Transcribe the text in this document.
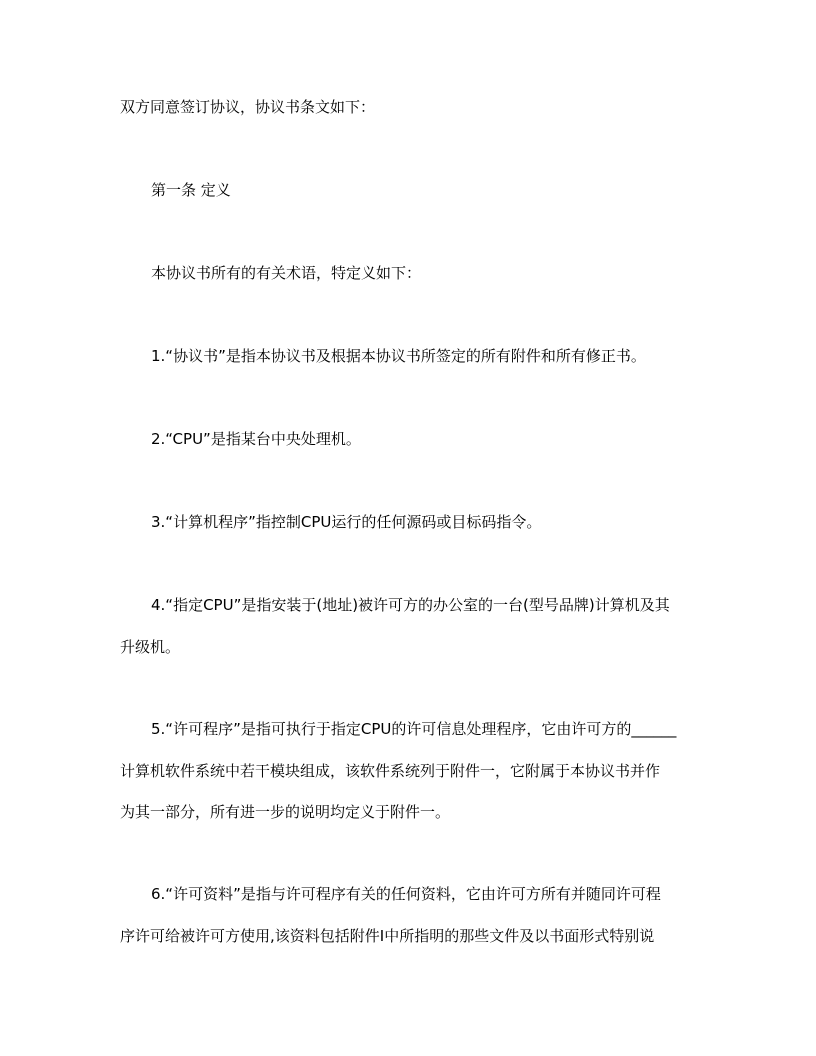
双方同意签订协议，协议书条文如下：
第一条 定义
本协议书所有的有关术语，特定义如下：
1.“协议书”是指本协议书及根据本协议书所签定的所有附件和所有修正书。
2.“CPU”是指某台中央处理机。
3.“计算机程序”指控制CPU运行的任何源码或目标码指令。
4.“指定CPU”是指安装于(地址)被许可方的办公室的一台(型号品牌)计算机及其
升级机。
5.“许可程序”是指可执行于指定CPU的许可信息处理程序，它由许可方的______
计算机软件系统中若干模块组成，该软件系统列于附件一，它附属于本协议书并作
为其一部分，所有进一步的说明均定义于附件一。
6.“许可资料”是指与许可程序有关的任何资料，它由许可方所有并随同许可程
序许可给被许可方使用,该资料包括附件I中所指明的那些文件及以书面形式特别说
